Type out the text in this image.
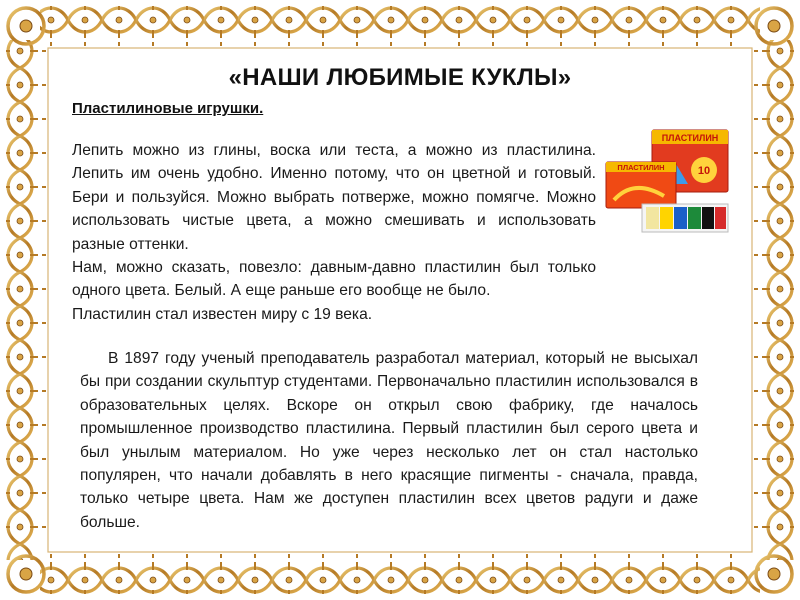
«НАШИ ЛЮБИМЫЕ КУКЛЫ»
Пластилиновые игрушки.

Лепить можно из глины, воска или теста, а можно из пластилина. Лепить им очень удобно. Именно потому, что он цветной и готовый. Бери и пользуйся. Можно выбрать потверже, можно помягче. Можно использовать чистые цвета, а можно смешивать и использовать разные оттенки.

Нам, можно сказать, повезло: давным-давно пластилин был только одного цвета. Белый. А еще раньше его вообще не было.

Пластилин стал известен миру с 19 века.

ПЛАСТИЛИН
10
ПЛАСТИЛИН
В 1897 году ученый преподаватель разработал материал, который не высыхал бы при создании скульптур студентами. Первоначально пластилин использовался в образовательных целях. Вскоре он открыл свою фабрику, где началось промышленное производство пластилина. Первый пластилин был серого цвета и был унылым материалом. Но уже через несколько лет он стал настолько популярен, что начали добавлять в него красящие пигменты - сначала, правда, только четыре цвета. Нам же доступен пластилин всех цветов радуги и даже больше.
